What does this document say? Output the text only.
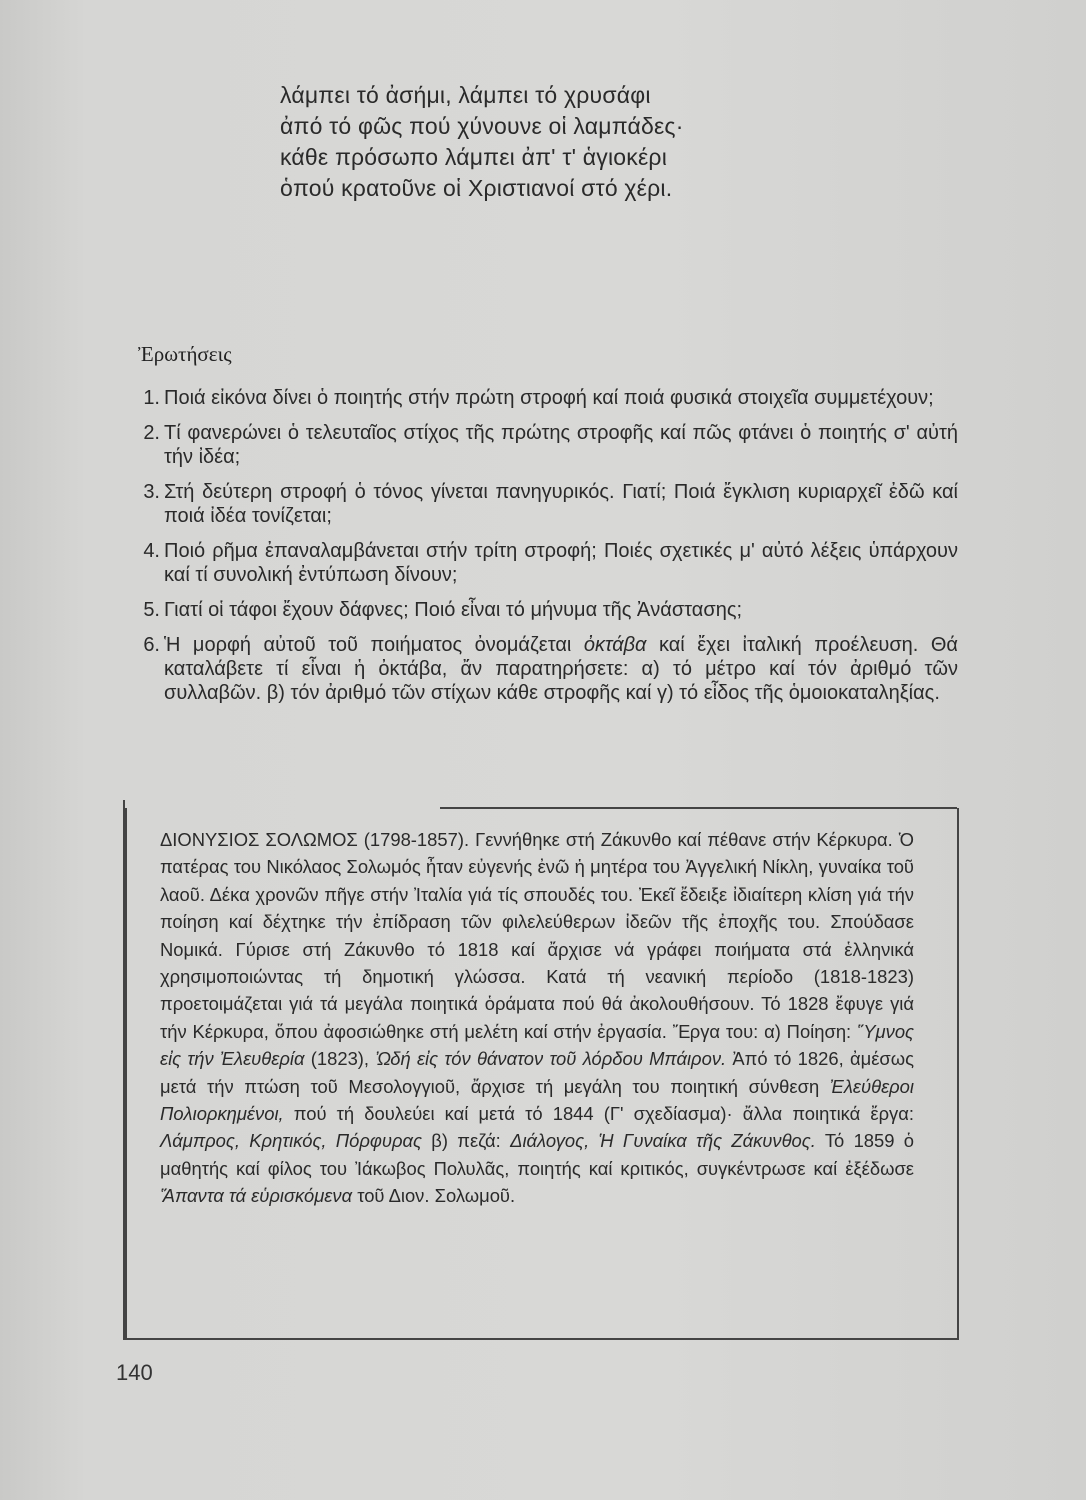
λάμπει τό ἀσήμι, λάμπει τό χρυσάφι
ἀπό τό φῶς πού χύνουνε οἱ λαμπάδες·
κάθε πρόσωπο λάμπει ἀπ' τ' ἁγιοκέρι
ὁπού κρατοῦνε οἱ Χριστιανοί στό χέρι.
Ἐρωτήσεις
1. Ποιά εἰκόνα δίνει ὁ ποιητής στήν πρώτη στροφή καί ποιά φυσικά στοιχεῖα συμμετέχουν;
2. Τί φανερώνει ὁ τελευταῖος στίχος τῆς πρώτης στροφῆς καί πῶς φτάνει ὁ ποιητής σ' αὐτή τήν ἰδέα;
3. Στή δεύτερη στροφή ὁ τόνος γίνεται πανηγυρικός. Γιατί; Ποιά ἔγκλιση κυριαρχεῖ ἐδῶ καί ποιά ἰδέα τονίζεται;
4. Ποιό ρῆμα ἐπαναλαμβάνεται στήν τρίτη στροφή; Ποιές σχετικές μ' αὐτό λέξεις ὑπάρχουν καί τί συνολική ἐντύπωση δίνουν;
5. Γιατί οἱ τάφοι ἔχουν δάφνες; Ποιό εἶναι τό μήνυμα τῆς Ἀνάστασης;
6. Ἡ μορφή αὐτοῦ τοῦ ποιήματος ὀνομάζεται ὀκτάβα καί ἔχει ἰταλική προέλευση. Θά καταλάβετε τί εἶναι ἡ ὀκτάβα, ἄν παρατηρήσετε: α) τό μέτρο καί τόν ἀριθμό τῶν συλλαβῶν. β) τόν ἀριθμό τῶν στίχων κάθε στροφῆς καί γ) τό εἶδος τῆς ὁμοιοκαταληξίας.

ΔΙΟΝΥΣΙΟΣ ΣΟΛΩΜΟΣ (1798-1857). Γεννήθηκε στή Ζάκυνθο καί πέθανε στήν Κέρκυρα. Ὁ πατέρας του Νικόλαος Σολωμός ἦταν εὐγενής ἐνῶ ἡ μητέρα του Ἀγγελική Νίκλη, γυναίκα τοῦ λαοῦ. Δέκα χρονῶν πῆγε στήν Ἰταλία γιά τίς σπουδές του. Ἐκεῖ ἔδειξε ἰδιαίτερη κλίση γιά τήν ποίηση καί δέχτηκε τήν ἐπίδραση τῶν φιλελεύθερων ἰδεῶν τῆς ἐποχῆς του. Σπούδασε Νομικά. Γύρισε στή Ζάκυνθο τό 1818 καί ἄρχισε νά γράφει ποιήματα στά ἑλληνικά χρησιμοποιώντας τή δημοτική γλώσσα. Κατά τή νεανική περίοδο (1818-1823) προετοιμάζεται γιά τά μεγάλα ποιητικά ὁράματα πού θά ἀκολουθήσουν. Τό 1828 ἔφυγε γιά τήν Κέρκυρα, ὅπου ἀφοσιώθηκε στή μελέτη καί στήν ἐργασία. Ἔργα του: α) Ποίηση: Ὕμνος εἰς τήν Ἐλευθερία (1823), Ὠδή εἰς τόν θάνατον τοῦ λόρδου Μπάιρον. Ἀπό τό 1826, ἀμέσως μετά τήν πτώση τοῦ Μεσολογγιοῦ, ἄρχισε τή μεγάλη του ποιητική σύνθεση Ἐλεύθεροι Πολιορκημένοι, πού τή δουλεύει καί μετά τό 1844 (Γ' σχεδίασμα)· ἄλλα ποιητικά ἔργα: Λάμπρος, Κρητικός, Πόρφυρας β) πεζά: Διάλογος, Ἡ Γυναίκα τῆς Ζάκυνθος. Τό 1859 ὁ μαθητής καί φίλος του Ἰάκωβος Πολυλᾶς, ποιητής καί κριτικός, συγκέντρωσε καί ἐξέδωσε Ἅπαντα τά εὑρισκόμενα τοῦ Διον. Σολωμοῦ.

140
